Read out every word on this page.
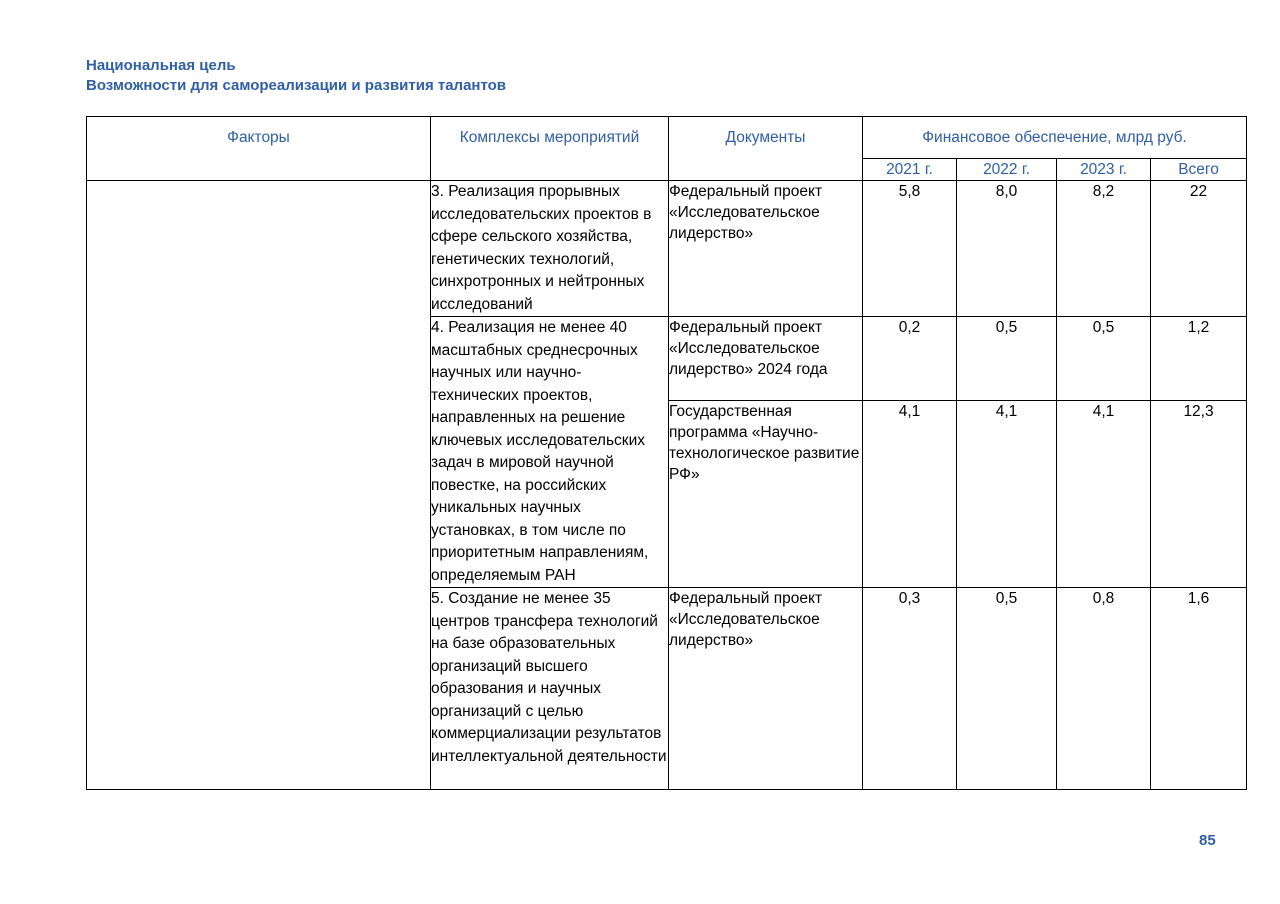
Национальная цель
Возможности для самореализации и развития талантов
Факторы	Комплексы мероприятий	Документы	Финансовое обеспечение, млрд руб.			
			2021 г.	2022 г.	2023 г.	Всего
	3. Реализация прорывных исследовательских проектов в сфере сельского хозяйства, генетических технологий, синхротронных и нейтронных исследований	Федеральный проект «Исследовательское лидерство»	5,8	8,0	8,2	22
	4. Реализация не менее 40 масштабных среднесрочных научных или научно-технических проектов, направленных на решение ключевых исследовательских задач в мировой научной повестке, на российских уникальных научных установках, в том числе по приоритетным направлениям, определяемым РАН	Федеральный проект «Исследовательское лидерство» 2024 года	0,2	0,5	0,5	1,2
		Государственная программа «Научно-технологическое развитие РФ»	4,1	4,1	4,1	12,3
	5. Создание не менее 35 центров трансфера технологий на базе образовательных организаций высшего образования и научных организаций с целью коммерциализации результатов интеллектуальной деятельности	Федеральный проект «Исследовательское лидерство»	0,3	0,5	0,8	1,6
85
